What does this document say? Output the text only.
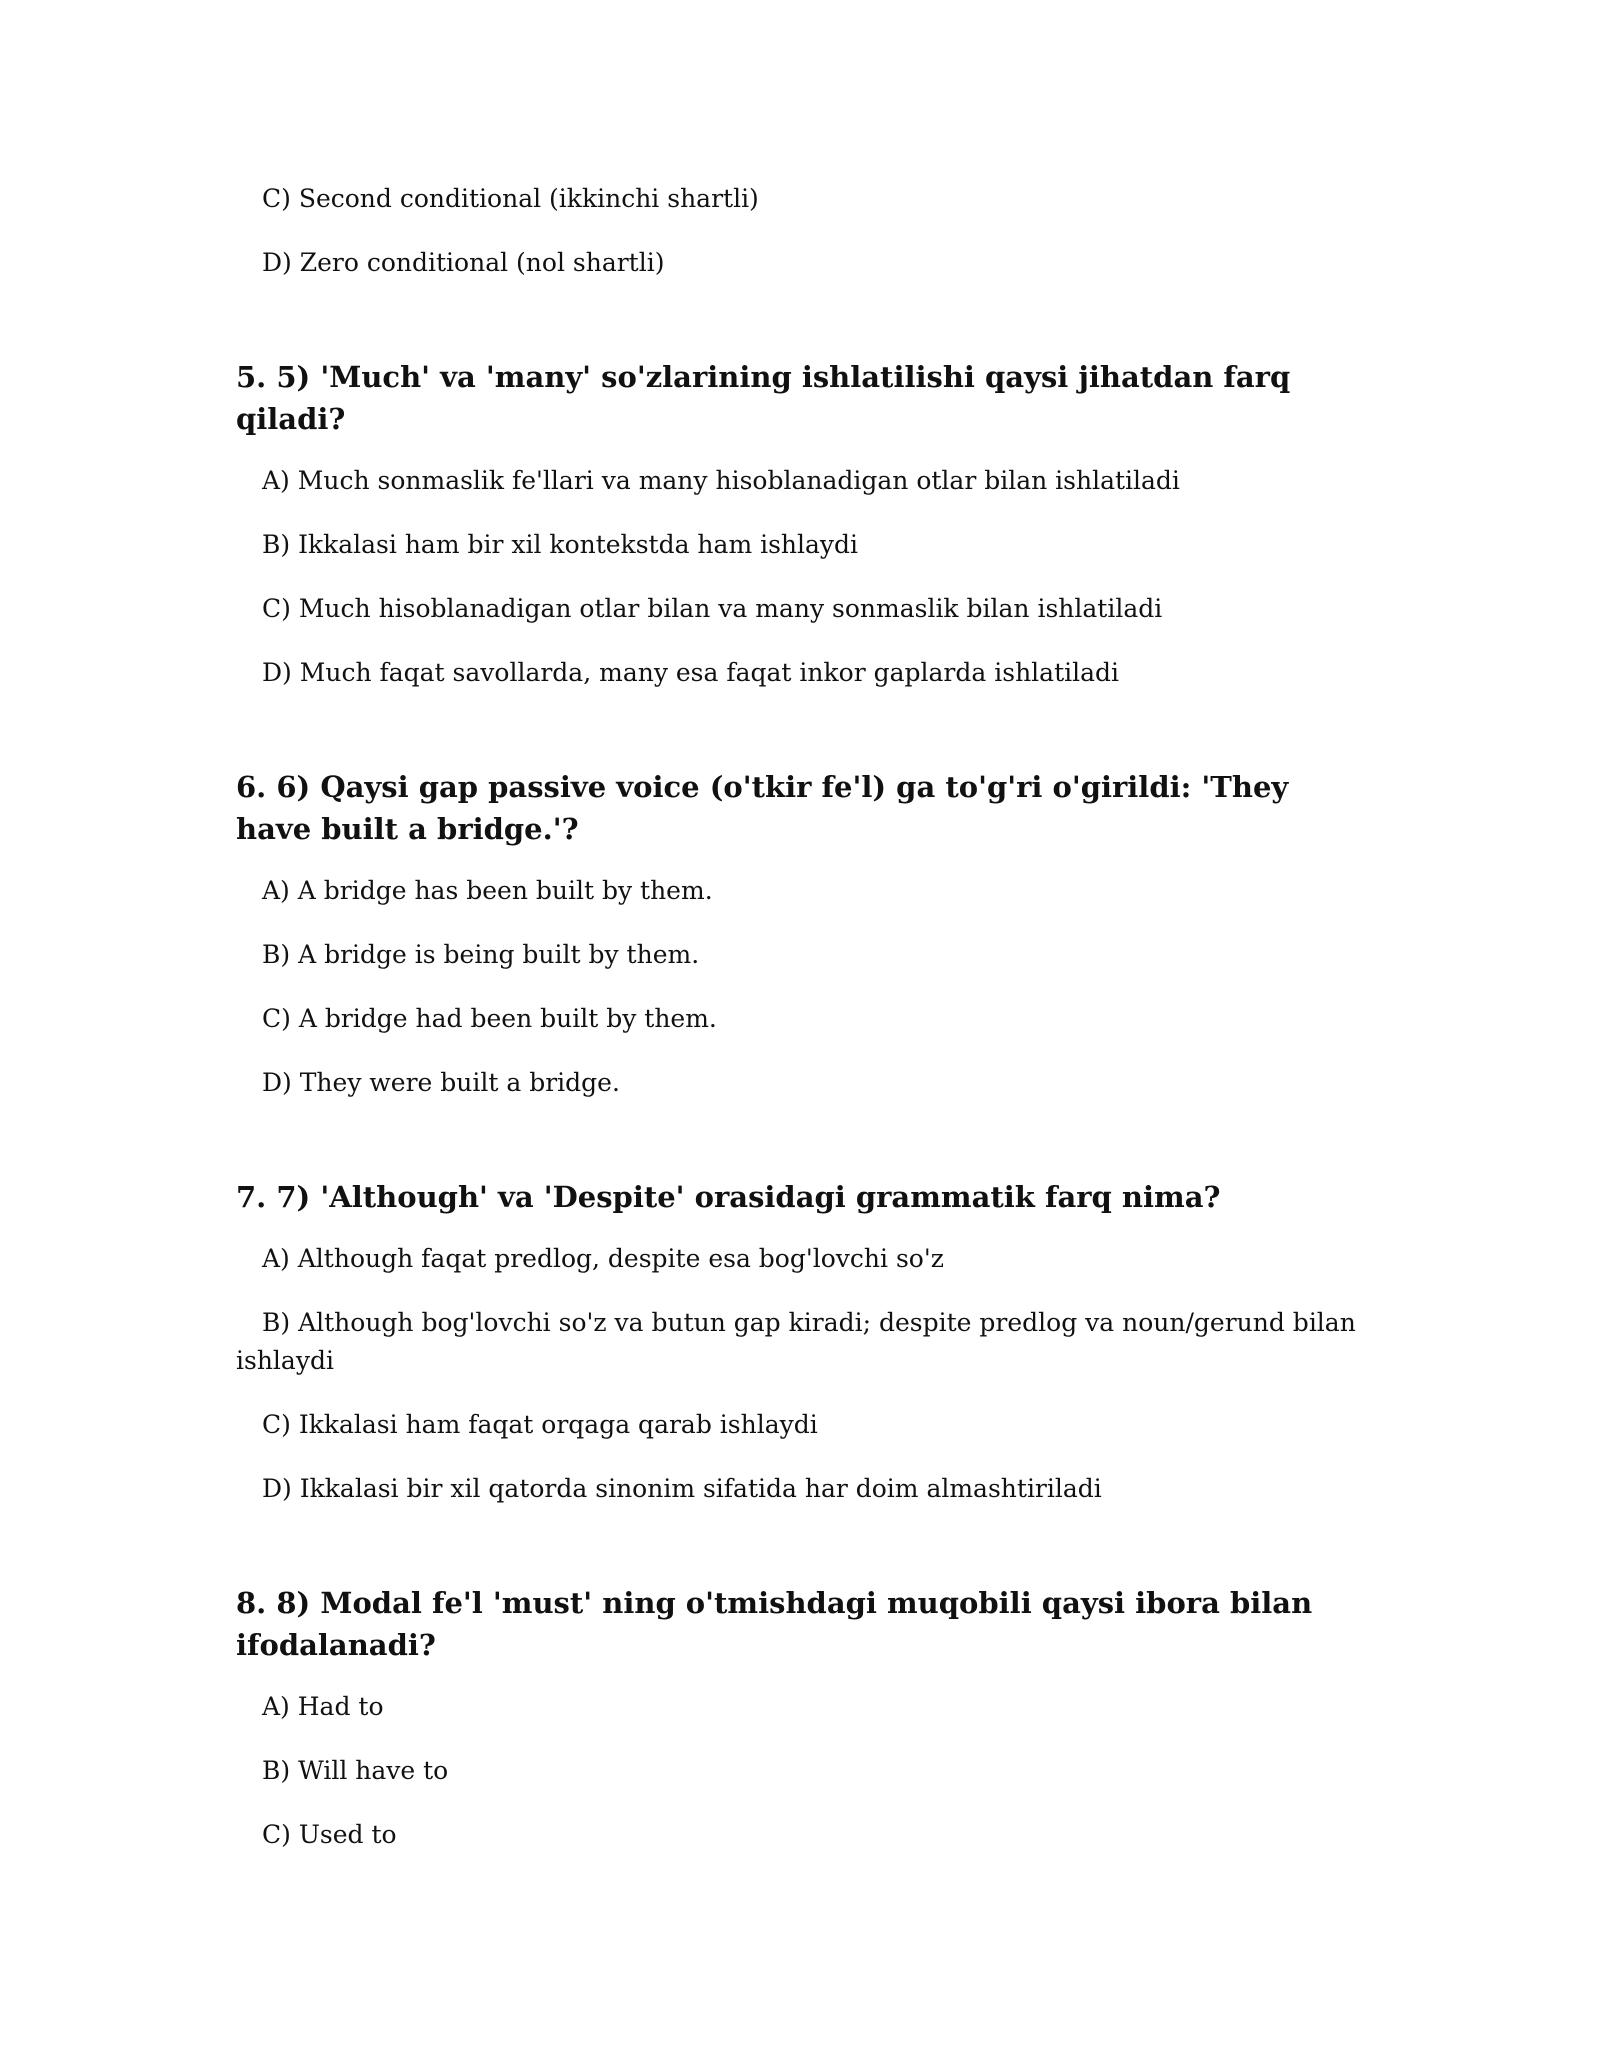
C) Second conditional (ikkinchi shartli)

D) Zero conditional (nol shartli)

5. 5) 'Much' va 'many' so'zlarining ishlatilishi qaysi jihatdan farq qiladi?

A) Much sonmaslik fe'llari va many hisoblanadigan otlar bilan ishlatiladi

B) Ikkalasi ham bir xil kontekstda ham ishlaydi

C) Much hisoblanadigan otlar bilan va many sonmaslik bilan ishlatiladi

D) Much faqat savollarda, many esa faqat inkor gaplarda ishlatiladi

6. 6) Qaysi gap passive voice (o'tkir fe'l) ga to'g'ri o'girildi: 'They have built a bridge.'?

A) A bridge has been built by them.

B) A bridge is being built by them.

C) A bridge had been built by them.

D) They were built a bridge.

7. 7) 'Although' va 'Despite' orasidagi grammatik farq nima?

A) Although faqat predlog, despite esa bog'lovchi so'z

B) Although bog'lovchi so'z va butun gap kiradi; despite predlog va noun/gerund bilan ishlaydi

C) Ikkalasi ham faqat orqaga qarab ishlaydi

D) Ikkalasi bir xil qatorda sinonim sifatida har doim almashtiriladi

8. 8) Modal fe'l 'must' ning o'tmishdagi muqobili qaysi ibora bilan ifodalanadi?

A) Had to

B) Will have to

C) Used to
